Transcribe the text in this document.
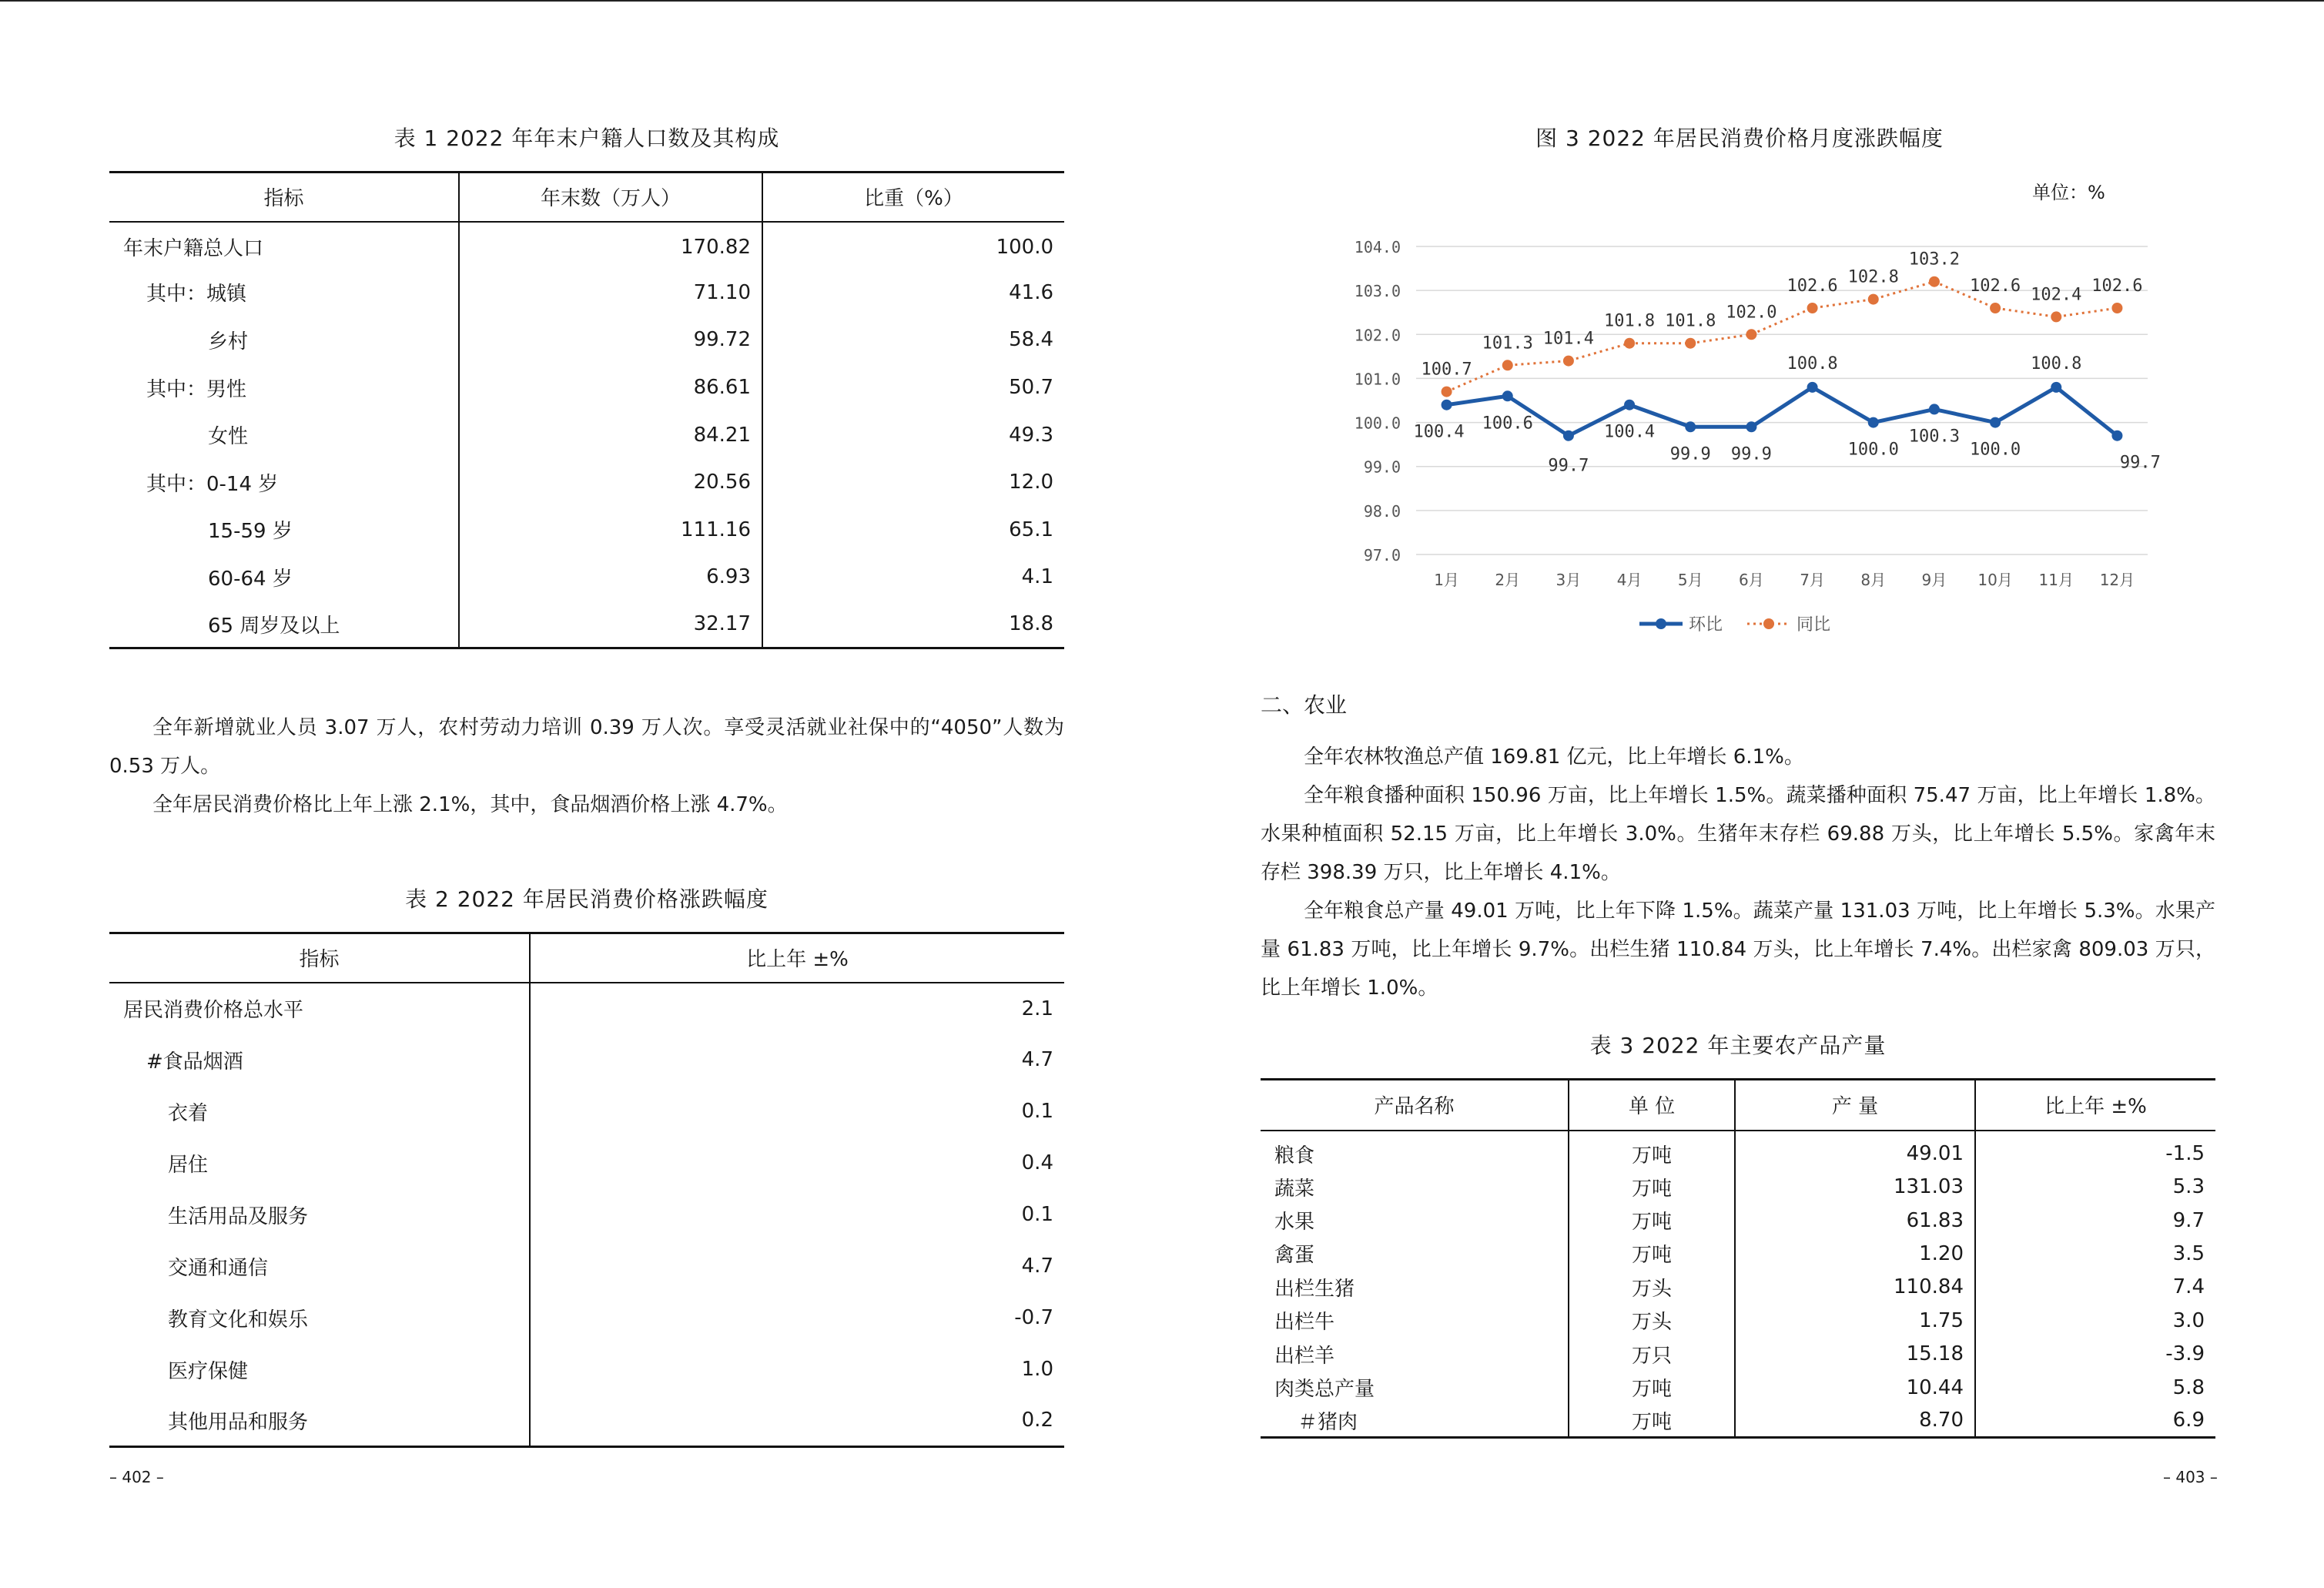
表 1 2022 年年末户籍人口数及其构成
指标	年末数（万人）	比重（%）
年末户籍总人口	170.82	100.0
其中：城镇	71.10	41.6
乡村	99.72	58.4
其中：男性	86.61	50.7
女性	84.21	49.3
其中：0-14 岁	20.56	12.0
15-59 岁	111.16	65.1
60-64 岁	6.93	4.1
65 周岁及以上	32.17	18.8

全年新增就业人员 3.07 万人，农村劳动力培训 0.39 万人次。享受灵活就业社保中的“4050”人数为 0.53 万人。

全年居民消费价格比上年上涨 2.1%，其中，食品烟酒价格上涨 4.7%。

表 2 2022 年居民消费价格涨跌幅度
指标	比上年 ±%
居民消费价格总水平	2.1
#食品烟酒	4.7
衣着	0.1
居住	0.4
生活用品及服务	0.1
交通和通信	4.7
教育文化和娱乐	-0.7
医疗保健	1.0
其他用品和服务	0.2
– 402 –
图 3 2022 年居民消费价格月度涨跌幅度
单位：%
97.0
98.0
99.0
100.0
101.0
102.0
103.0
104.0
1月 2月 3月 4月 5月 6月 7月 8月 9月 10月 11月 12月
100.4 100.6
99.7
100.4
99.9 99.9
100.8
100.0
100.3
100.0
100.8
99.7
100.7
101.3 101.4
101.8 101.8 102.0
102.6 102.8
103.2
102.6 102.4 102.6
环比	同比
二、农业

全年农林牧渔总产值 169.81 亿元，比上年增长 6.1%。

全年粮食播种面积 150.96 万亩，比上年增长 1.5%。蔬菜播种面积 75.47 万亩，比上年增长 1.8%。水果种植面积 52.15 万亩，比上年增长 3.0%。生猪年末存栏 69.88 万头，比上年增长 5.5%。家禽年末存栏 398.39 万只，比上年增长 4.1%。

全年粮食总产量 49.01 万吨，比上年下降 1.5%。蔬菜产量 131.03 万吨，比上年增长 5.3%。水果产量 61.83 万吨，比上年增长 9.7%。出栏生猪 110.84 万头，比上年增长 7.4%。出栏家禽 809.03 万只，比上年增长 1.0%。

表 3 2022 年主要农产品产量
产品名称	单 位	产 量	比上年 ±%
粮食	万吨	49.01	-1.5
蔬菜	万吨	131.03	5.3
水果	万吨	61.83	9.7
禽蛋	万吨	1.20	3.5
出栏生猪	万头	110.84	7.4
出栏牛	万头	1.75	3.0
出栏羊	万只	15.18	-3.9
肉类总产量	万吨	10.44	5.8
＃猪肉	万吨	8.70	6.9
– 403 –
